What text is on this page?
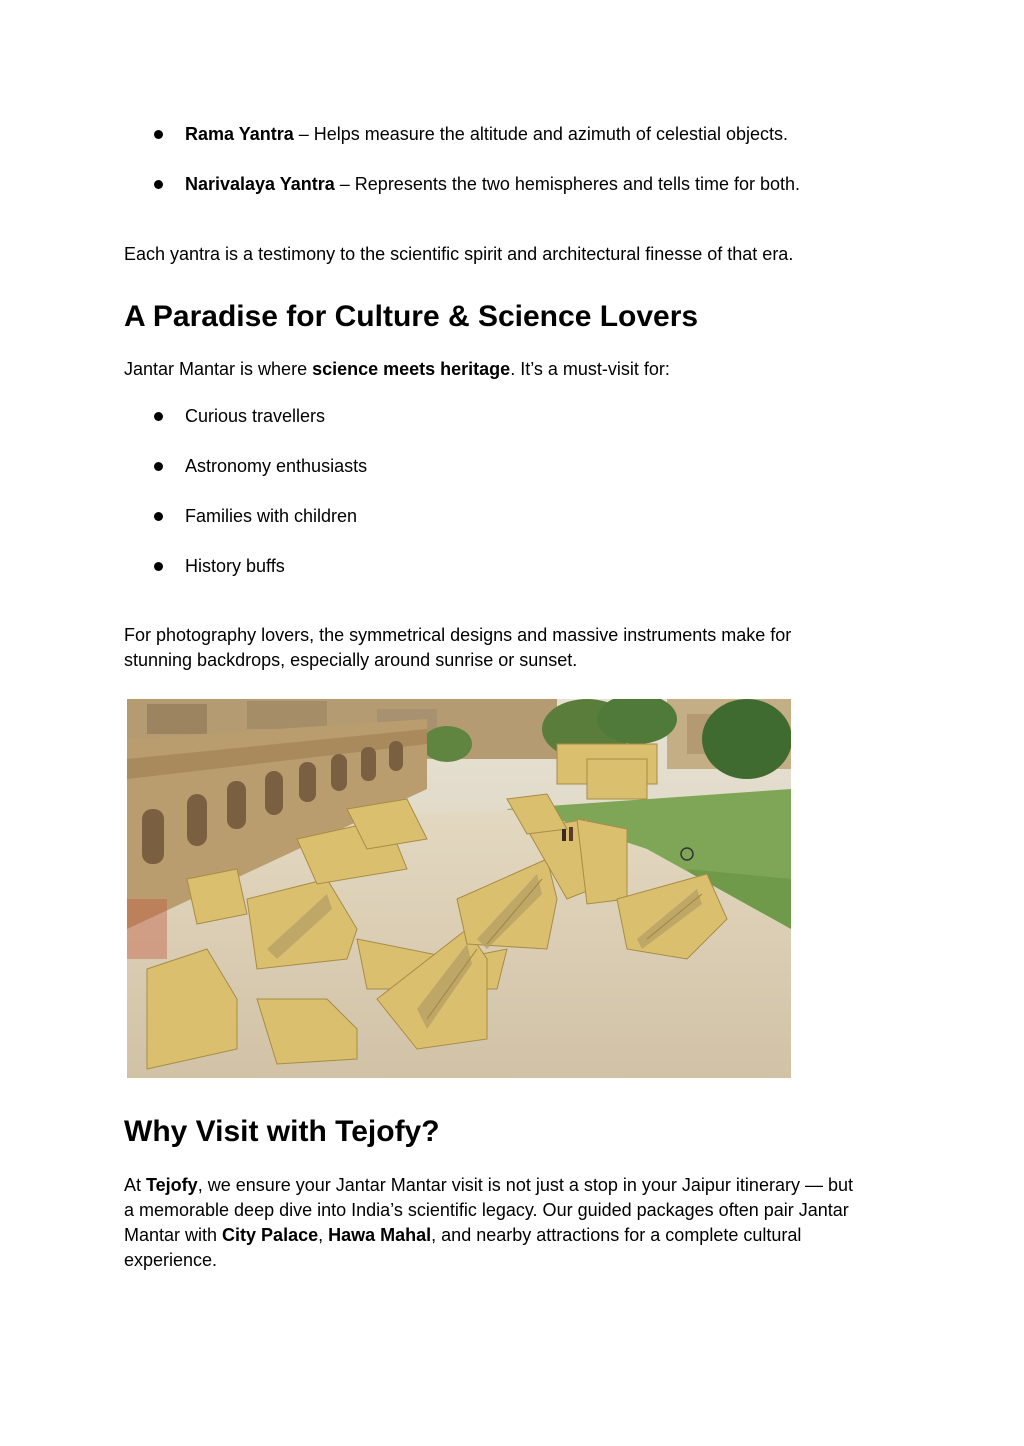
Rama Yantra – Helps measure the altitude and azimuth of celestial objects.
Narivalaya Yantra – Represents the two hemispheres and tells time for both.
Each yantra is a testimony to the scientific spirit and architectural finesse of that era.
A Paradise for Culture & Science Lovers
Jantar Mantar is where science meets heritage. It’s a must-visit for:
Curious travellers
Astronomy enthusiasts
Families with children
History buffs
For photography lovers, the symmetrical designs and massive instruments make for
stunning backdrops, especially around sunrise or sunset.
Why Visit with Tejofy?
At Tejofy, we ensure your Jantar Mantar visit is not just a stop in your Jaipur itinerary — but
a memorable deep dive into India’s scientific legacy. Our guided packages often pair Jantar
Mantar with City Palace, Hawa Mahal, and nearby attractions for a complete cultural
experience.
